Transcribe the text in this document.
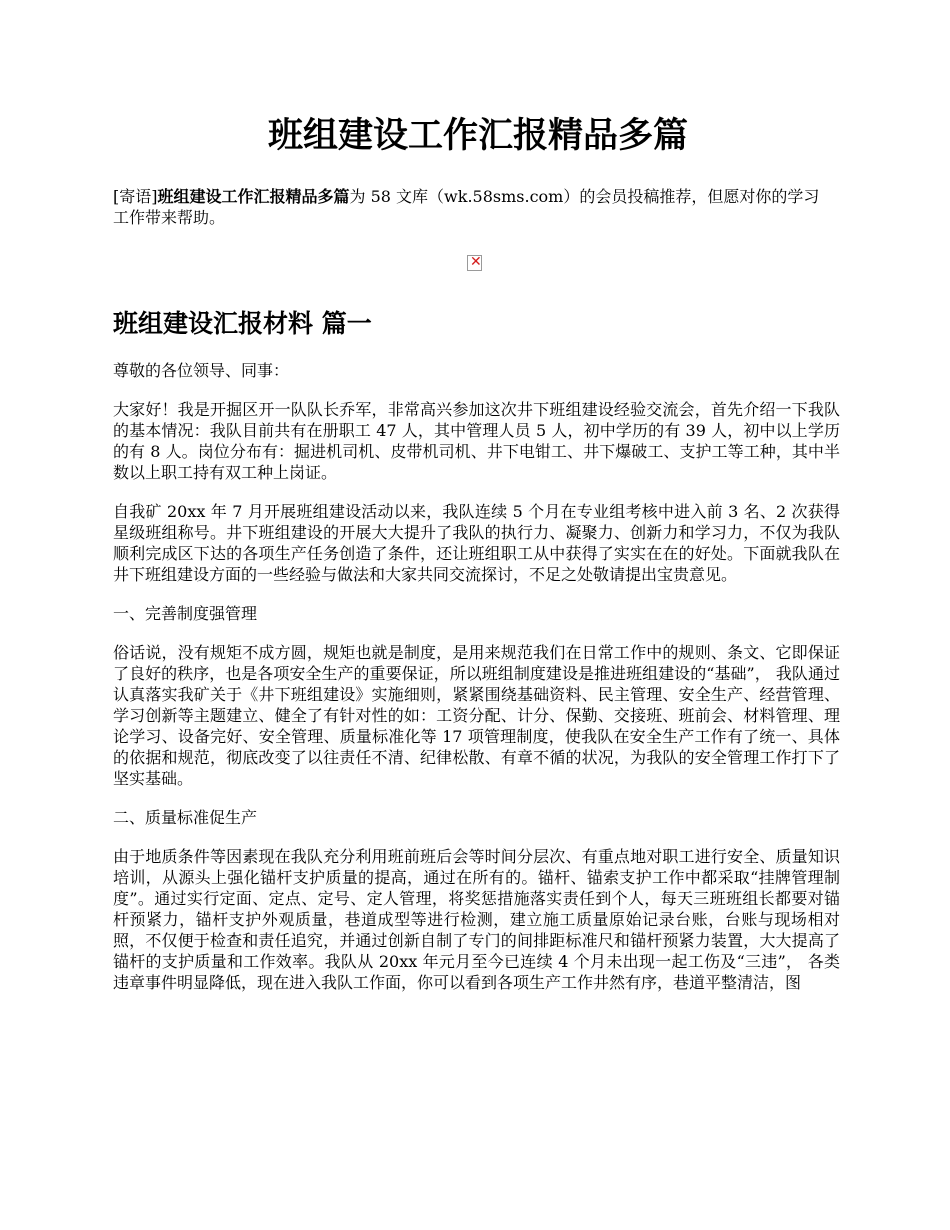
班组建设工作汇报精品多篇

[寄语]班组建设工作汇报精品多篇为 58 文库（wk.58sms.com）的会员投稿推荐，但愿对你的学习工作带来帮助。

✕
班组建设汇报材料 篇一

尊敬的各位领导、同事：

大家好！我是开掘区开一队队长乔军，非常高兴参加这次井下班组建设经验交流会，首先介绍一下我队的基本情况：我队目前共有在册职工 47 人，其中管理人员 5 人，初中学历的有 39 人，初中以上学历的有 8 人。岗位分布有：掘进机司机、皮带机司机、井下电钳工、井下爆破工、支护工等工种，其中半数以上职工持有双工种上岗证。

自我矿 20xx 年 7 月开展班组建设活动以来，我队连续 5 个月在专业组考核中进入前 3 名、2 次获得星级班组称号。井下班组建设的开展大大提升了我队的执行力、凝聚力、创新力和学习力，不仅为我队顺利完成区下达的各项生产任务创造了条件，还让班组职工从中获得了实实在在的好处。下面就我队在井下班组建设方面的一些经验与做法和大家共同交流探讨，不足之处敬请提出宝贵意见。

一、完善制度强管理

俗话说，没有规矩不成方圆，规矩也就是制度，是用来规范我们在日常工作中的规则、条文、它即保证了良好的秩序，也是各项安全生产的重要保证，所以班组制度建设是推进班组建设的“基础”， 我队通过认真落实我矿关于《井下班组建设》实施细则，紧紧围绕基础资料、民主管理、安全生产、经营管理、学习创新等主题建立、健全了有针对性的如：工资分配、计分、保勤、交接班、班前会、材料管理、理论学习、设备完好、安全管理、质量标准化等 17 项管理制度，使我队在安全生产工作有了统一、具体的依据和规范，彻底改变了以往责任不清、纪律松散、有章不循的状况，为我队的安全管理工作打下了坚实基础。

二、质量标准促生产

由于地质条件等因素现在我队充分利用班前班后会等时间分层次、有重点地对职工进行安全、质量知识培训，从源头上强化锚杆支护质量的提高，通过在所有的。锚杆、锚索支护工作中都采取“挂牌管理制度”。通过实行定面、定点、定号、定人管理，将奖惩措施落实责任到个人，每天三班班组长都要对锚杆预紧力，锚杆支护外观质量，巷道成型等进行检测，建立施工质量原始记录台账，台账与现场相对照，不仅便于检查和责任追究，并通过创新自制了专门的间排距标准尺和锚杆预紧力装置，大大提高了锚杆的支护质量和工作效率。我队从 20xx 年元月至今已连续 4 个月未出现一起工伤及“三违”， 各类违章事件明显降低，现在进入我队工作面，你可以看到各项生产工作井然有序，巷道平整清洁，图
